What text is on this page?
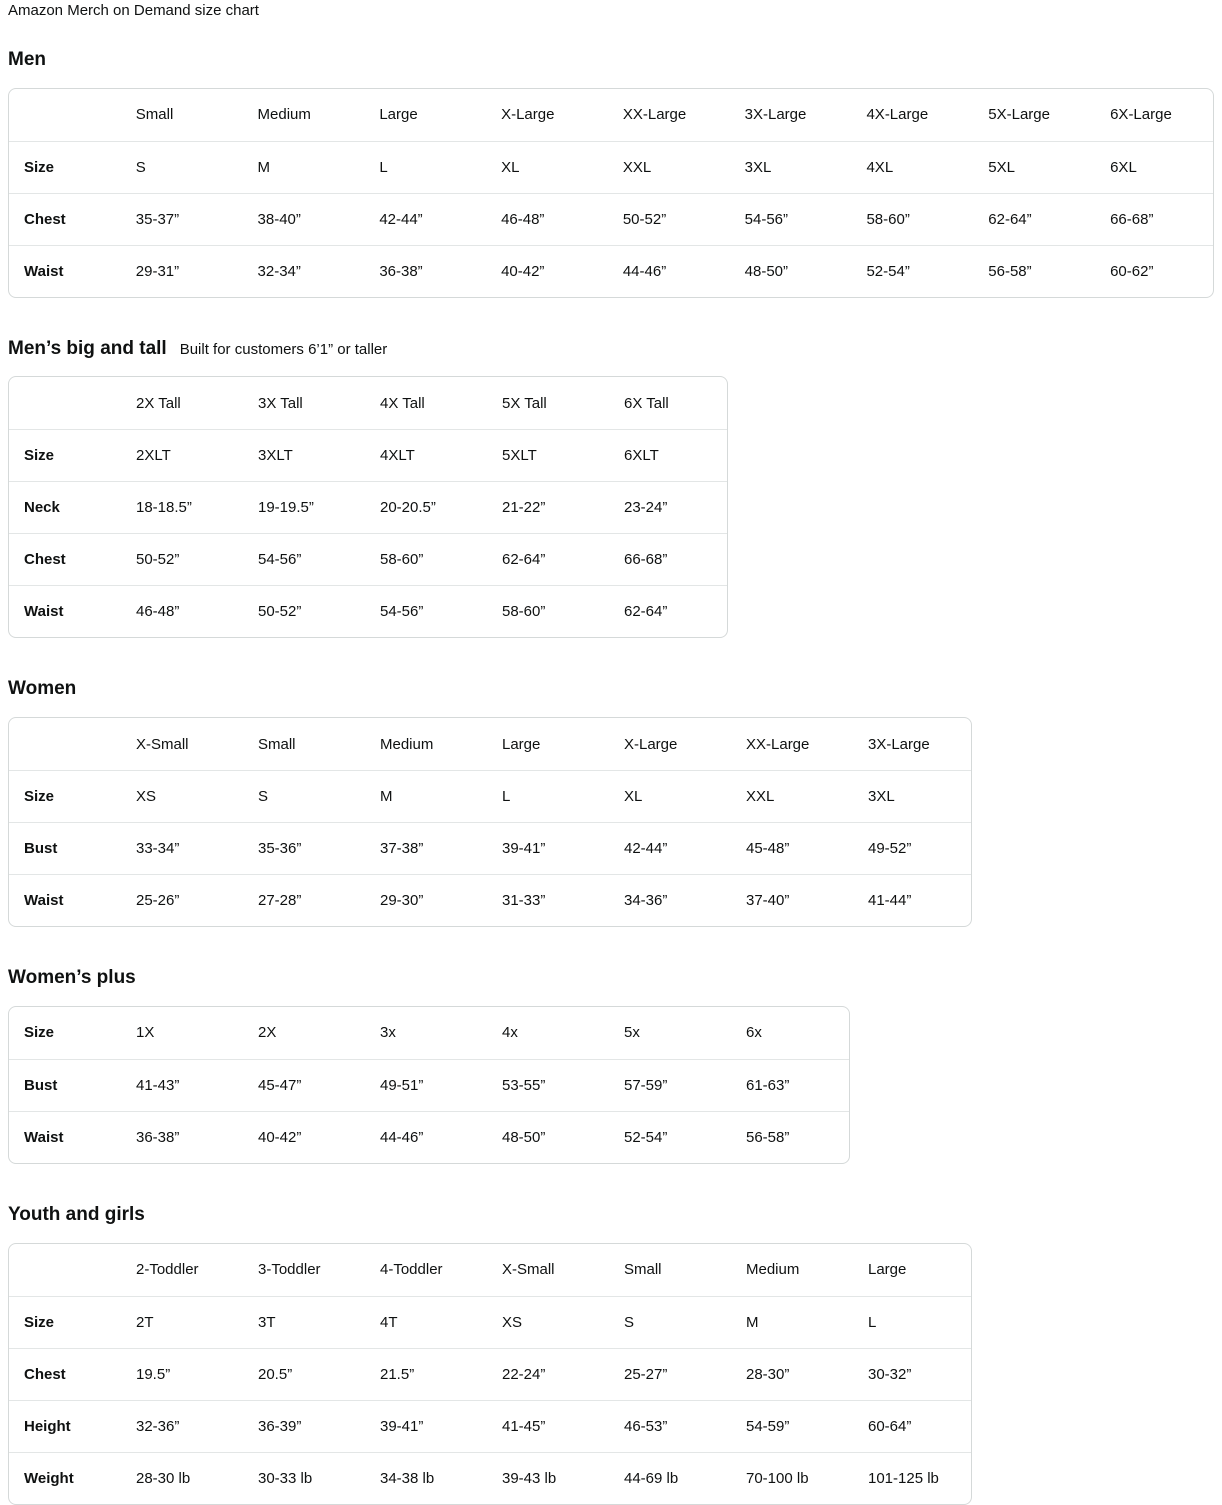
Amazon Merch on Demand size chart

Men
	Small	Medium	Large	X-Large	XX-Large	3X-Large	4X-Large	5X-Large	6X-Large
Size	S	M	L	XL	XXL	3XL	4XL	5XL	6XL
Chest	35-37”	38-40”	42-44”	46-48”	50-52”	54-56”	58-60”	62-64”	66-68”
Waist	29-31”	32-34”	36-38”	40-42”	44-46”	48-50”	52-54”	56-58”	60-62”
Men’s big and tall Built for customers 6’1” or taller
	2X Tall	3X Tall	4X Tall	5X Tall	6X Tall
Size	2XLT	3XLT	4XLT	5XLT	6XLT
Neck	18-18.5”	19-19.5”	20-20.5”	21-22”	23-24”
Chest	50-52”	54-56”	58-60”	62-64”	66-68”
Waist	46-48”	50-52”	54-56”	58-60”	62-64”
Women
	X-Small	Small	Medium	Large	X-Large	XX-Large	3X-Large
Size	XS	S	M	L	XL	XXL	3XL
Bust	33-34”	35-36”	37-38”	39-41”	42-44”	45-48”	49-52”
Waist	25-26”	27-28”	29-30”	31-33”	34-36”	37-40”	41-44”
Women’s plus
Size	1X	2X	3x	4x	5x	6x
Bust	41-43”	45-47”	49-51”	53-55”	57-59”	61-63”
Waist	36-38”	40-42”	44-46”	48-50”	52-54”	56-58”
Youth and girls
	2-Toddler	3-Toddler	4-Toddler	X-Small	Small	Medium	Large
Size	2T	3T	4T	XS	S	M	L
Chest	19.5”	20.5”	21.5”	22-24”	25-27”	28-30”	30-32”
Height	32-36”	36-39”	39-41”	41-45”	46-53”	54-59”	60-64”
Weight	28-30 lb	30-33 lb	34-38 lb	39-43 lb	44-69 lb	70-100 lb	101-125 lb
